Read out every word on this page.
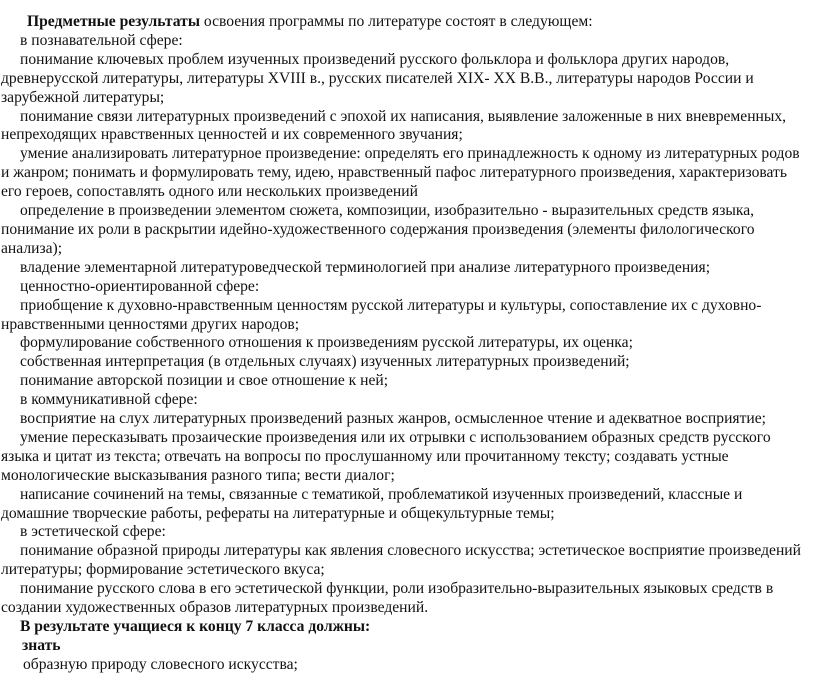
Предметные результаты освоения программы по литературе состоят в следующем:

в познавательной сфере:

понимание ключевых проблем изученных произведений русского фольклора и фольклора других народов, древнерусской литературы, литературы XVIII в., русских писателей XIX- XX В.В., литературы народов России и зарубежной литературы;

понимание связи литературных произведений с эпохой их написания, выявление заложенные в них вневременных, непреходящих нравственных ценностей и их современного звучания;

умение анализировать литературное произведение: определять его принадлежность к одному из литературных родов и жанром; понимать и формулировать тему, идею, нравственный пафос литературного произведения, характеризовать его героев, сопоставлять одного или нескольких произведений

определение в произведении элементом сюжета, композиции, изобразительно - выразительных средств языка, понимание их роли в раскрытии идейно-художественного содержания произведения (элементы филологического анализа);

владение элементарной литературоведческой терминологией при анализе литературного произведения;

ценностно-ориентированной сфере:

приобщение к духовно-нравственным ценностям русской литературы и культуры, сопоставление их с духовно-нравственными ценностями других народов;

формулирование собственного отношения к произведениям русской литературы, их оценка;

собственная интерпретация (в отдельных случаях) изученных литературных произведений;

понимание авторской позиции и свое отношение к ней;

в коммуникативной сфере:

восприятие на слух литературных произведений разных жанров, осмысленное чтение и адекватное восприятие;

умение пересказывать прозаические произведения или их отрывки с использованием образных средств русского языка и цитат из текста; отвечать на вопросы по прослушанному или прочитанному тексту; создавать устные монологические высказывания разного типа; вести диалог;

написание сочинений на темы, связанные с тематикой, проблематикой изученных произведений, классные и домашние творческие работы, рефераты на литературные и общекультурные темы;

в эстетической сфере:

понимание образной природы литературы как явления словесного искусства; эстетическое восприятие произведений литературы; формирование эстетического вкуса;

понимание русского слова в его эстетической функции, роли изобразительно-выразительных языковых средств в создании художественных образов литературных произведений.

В результате учащиеся к концу 7 класса должны:

знать

образную природу словесного искусства;
